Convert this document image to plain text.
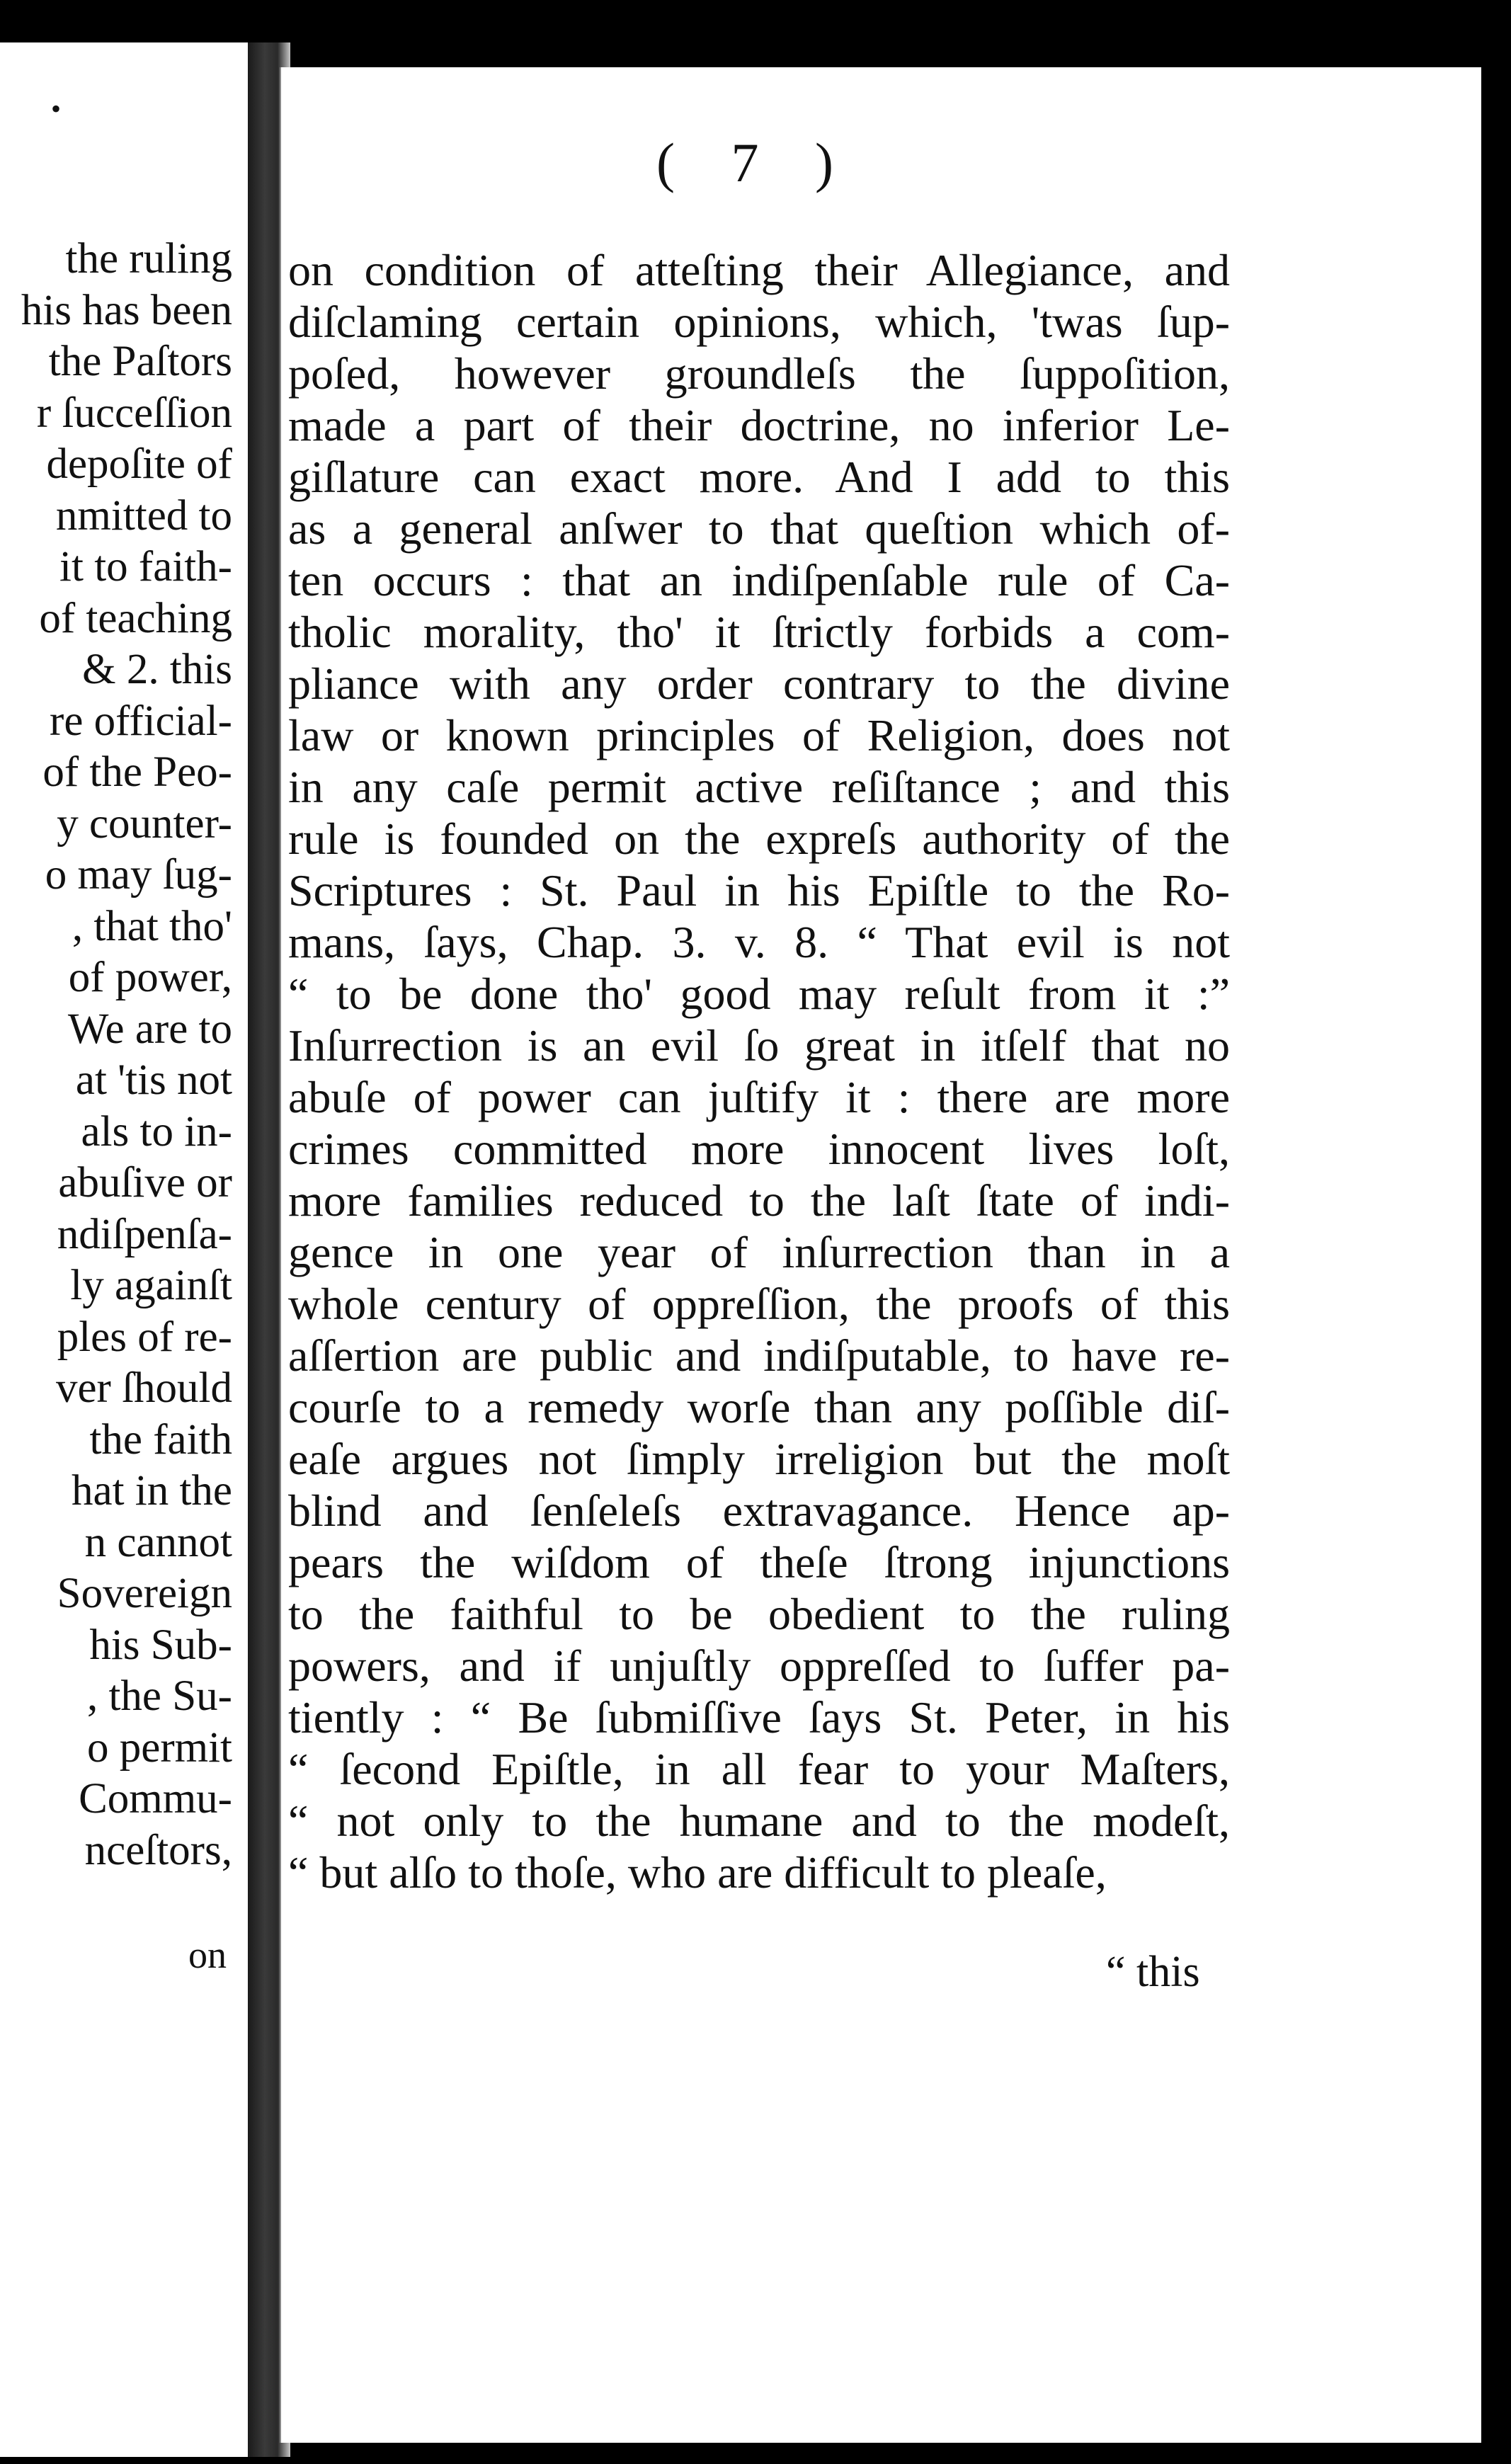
•
the ruling
his has been
the Paſtors
r ſucceſſion
depoſite of
nmitted to
it to faith-
of teaching
& 2. this
re official-
of the Peo-
y counter-
o may ſug-
, that tho'
of power,
We are to
at 'tis not
als to in-
abuſive or
ndiſpenſa-
ly againſt
ples of re-
ver ſhould
the faith
hat in the
n cannot
Sovereign
his Sub-
, the Su-
o permit
Commu-
nceſtors,
on
( 7 )
on condition of atteſting their Allegiance, and
diſclaming certain opinions, which, 'twas ſup-
poſed, however groundleſs the ſuppoſition,
made a part of their doctrine, no inferior Le-
giſlature can exact more. And I add to this
as a general anſwer to that queſtion which of-
ten occurs : that an indiſpenſable rule of Ca-
tholic morality, tho' it ſtrictly forbids a com-
pliance with any order contrary to the divine
law or known principles of Religion, does not
in any caſe permit active reſiſtance ; and this
rule is founded on the expreſs authority of the
Scriptures : St. Paul in his Epiſtle to the Ro-
mans, ſays, Chap. 3. v. 8. “ That evil is not
“ to be done tho' good may reſult from it :”
Inſurrection is an evil ſo great in itſelf that no
abuſe of power can juſtify it : there are more
crimes committed more innocent lives loſt,
more families reduced to the laſt ſtate of indi-
gence in one year of inſurrection than in a
whole century of oppreſſion, the proofs of this
aſſertion are public and indiſputable, to have re-
courſe to a remedy worſe than any poſſible diſ-
eaſe argues not ſimply irreligion but the moſt
blind and ſenſeleſs extravagance. Hence ap-
pears the wiſdom of theſe ſtrong injunctions
to the faithful to be obedient to the ruling
powers, and if unjuſtly oppreſſed to ſuffer pa-
tiently : “ Be ſubmiſſive ſays St. Peter, in his
“ ſecond Epiſtle, in all fear to your Maſters,
“ not only to the humane and to the modeſt,
“ but alſo to thoſe, who are difficult to pleaſe,
“ this
